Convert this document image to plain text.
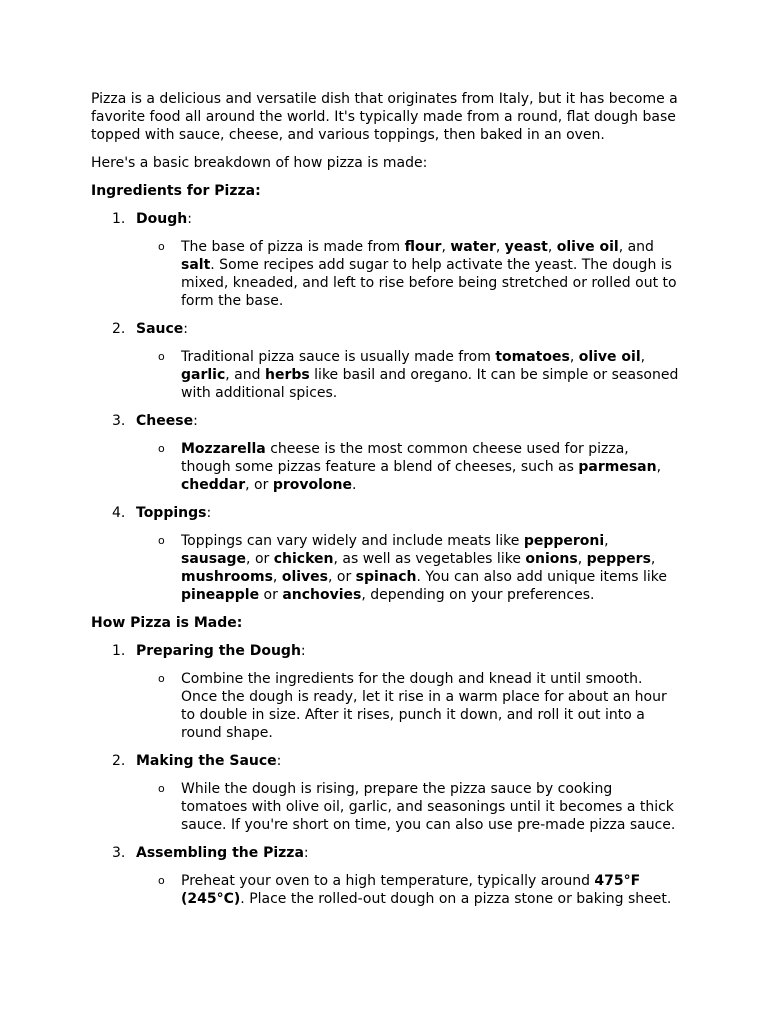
Pizza is a delicious and versatile dish that originates from Italy, but it has become a favorite food all around the world. It's typically made from a round, flat dough base topped with sauce, cheese, and various toppings, then baked in an oven.

Here's a basic breakdown of how pizza is made:

Ingredients for Pizza:

1. Dough:

o The base of pizza is made from flour, water, yeast, olive oil, and salt. Some recipes add sugar to help activate the yeast. The dough is mixed, kneaded, and left to rise before being stretched or rolled out to form the base.

2. Sauce:

o Traditional pizza sauce is usually made from tomatoes, olive oil, garlic, and herbs like basil and oregano. It can be simple or seasoned with additional spices.

3. Cheese:

o Mozzarella cheese is the most common cheese used for pizza, though some pizzas feature a blend of cheeses, such as parmesan, cheddar, or provolone.

4. Toppings:

o Toppings can vary widely and include meats like pepperoni, sausage, or chicken, as well as vegetables like onions, peppers, mushrooms, olives, or spinach. You can also add unique items like pineapple or anchovies, depending on your preferences.

How Pizza is Made:

1. Preparing the Dough:

o Combine the ingredients for the dough and knead it until smooth. Once the dough is ready, let it rise in a warm place for about an hour to double in size. After it rises, punch it down, and roll it out into a round shape.

2. Making the Sauce:

o While the dough is rising, prepare the pizza sauce by cooking tomatoes with olive oil, garlic, and seasonings until it becomes a thick sauce. If you're short on time, you can also use pre-made pizza sauce.

3. Assembling the Pizza:

o Preheat your oven to a high temperature, typically around 475°F (245°C). Place the rolled-out dough on a pizza stone or baking sheet.
